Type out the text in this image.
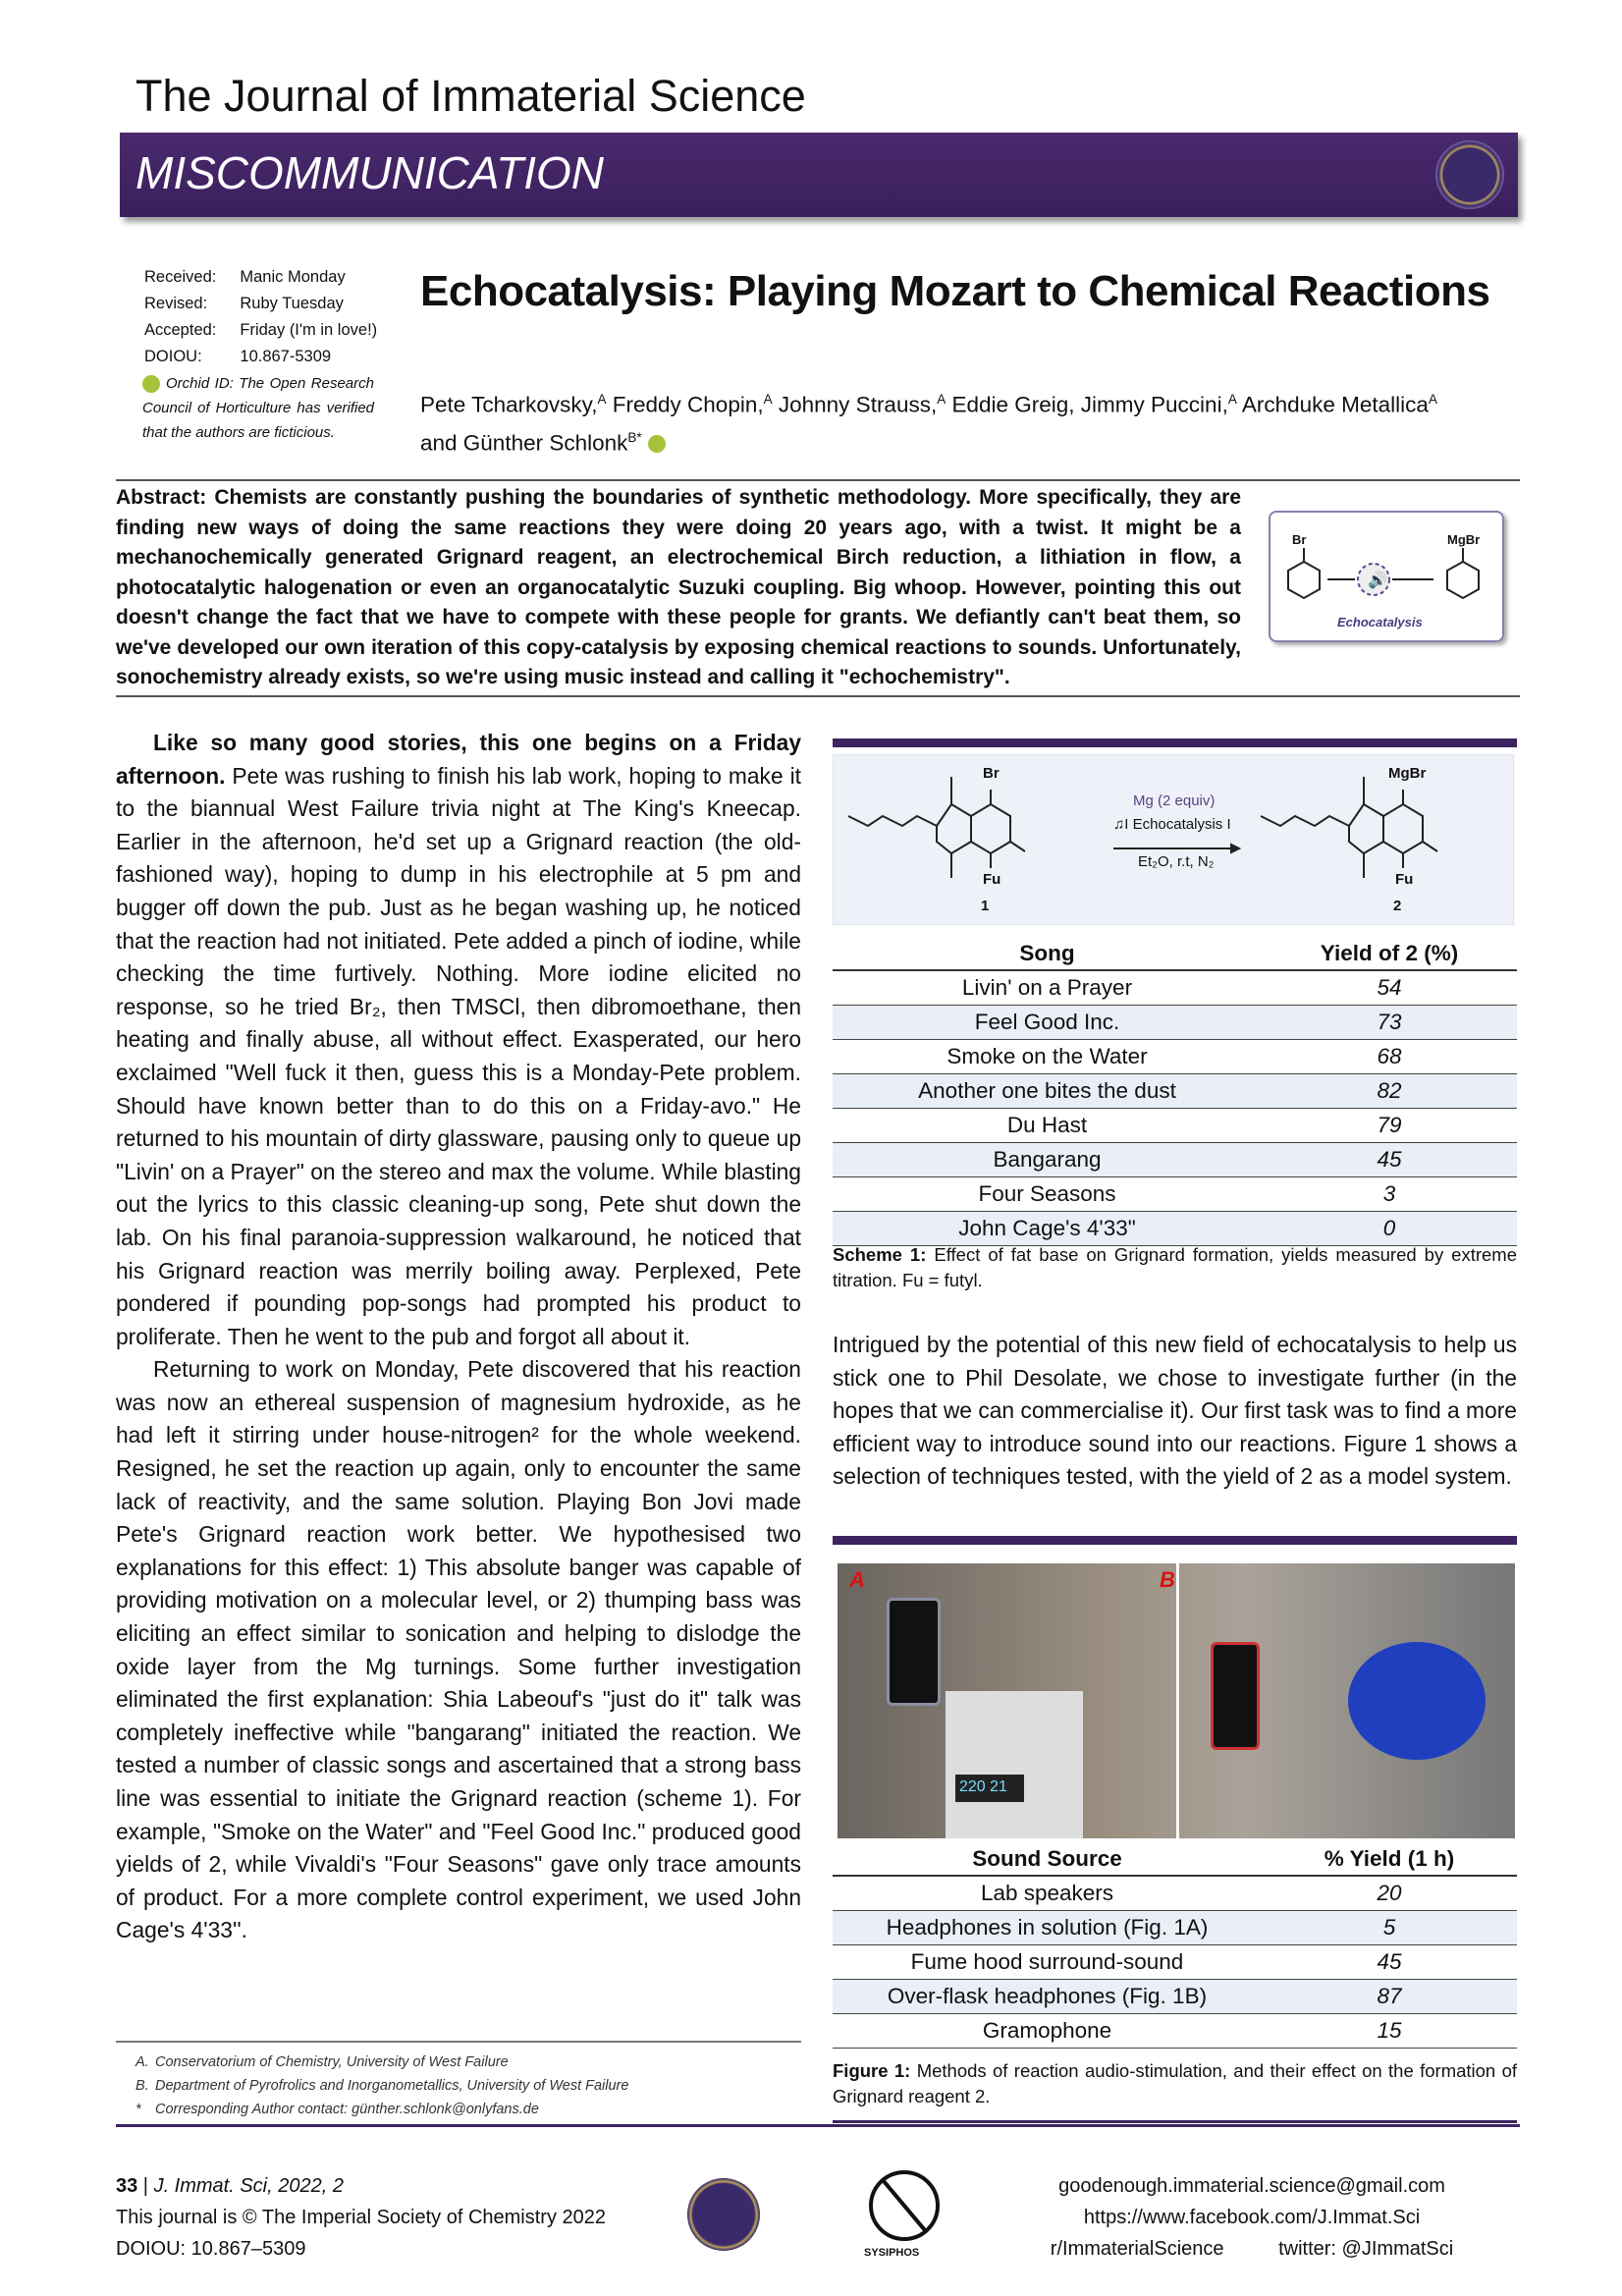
The Journal of Immaterial Science
MISCOMMUNICATION
Received:	Manic Monday
Revised:	Ruby Tuesday
Accepted:	Friday (I'm in love!)
DOIOU:	10.867-5309
Orchid ID: The Open Research Council of Horticulture has verified that the authors are ficticious.
Echocatalysis: Playing Mozart to Chemical Reactions
Pete Tcharkovsky,$^A$ Freddy Chopin,$^A$ Johnny Strauss,$^A$ Eddie Greig, Jimmy Puccini,$^A$ Archduke Metallica$^A$
and Günther Schlonk$^{B*}$
Abstract: Chemists are constantly pushing the boundaries of synthetic methodology. More specifically, they are finding new ways of doing the same reactions they were doing 20 years ago, with a twist. It might be a mechanochemically generated Grignard reagent, an electrochemical Birch reduction, a lithiation in flow, a photocatalytic halogenation or even an organocatalytic Suzuki coupling. Big whoop. However, pointing this out doesn't change the fact that we have to compete with these people for grants. We defiantly can't beat them, so we've developed our own iteration of this copy-catalysis by exposing chemical reactions to sounds. Unfortunately, sonochemistry already exists, so we're using music instead and calling it "echochemistry".
🔊
Br	MgBr
Echocatalysis

Like so many good stories, this one begins on a Friday afternoon. Pete was rushing to finish his lab work, hoping to make it to the biannual West Failure trivia night at The King's Kneecap. Earlier in the afternoon, he'd set up a Grignard reaction (the old-fashioned way), hoping to dump in his electrophile at 5 pm and bugger off down the pub. Just as he began washing up, he noticed that the reaction had not initiated. Pete added a pinch of iodine, while checking the time furtively. Nothing. More iodine elicited no response, so he tried Br₂, then TMSCl, then dibromoethane, then heating and finally abuse, all without effect. Exasperated, our hero exclaimed "Well fuck it then, guess this is a Monday-Pete problem. Should have known better than to do this on a Friday-avo." He returned to his mountain of dirty glassware, pausing only to queue up "Livin' on a Prayer" on the stereo and max the volume. While blasting out the lyrics to this classic cleaning-up song, Pete shut down the lab. On his final paranoia-suppression walkaround, he noticed that his Grignard reaction was merrily boiling away. Perplexed, Pete pondered if pounding pop-songs had prompted his product to proliferate. Then he went to the pub and forgot all about it.

Returning to work on Monday, Pete discovered that his reaction was now an ethereal suspension of magnesium hydroxide, as he had left it stirring under house-nitrogen² for the whole weekend. Resigned, he set the reaction up again, only to encounter the same lack of reactivity, and the same solution. Playing Bon Jovi made Pete's Grignard reaction work better. We hypothesised two explanations for this effect: 1) This absolute banger was capable of providing motivation on a molecular level, or 2) thumping bass was eliciting an effect similar to sonication and helping to dislodge the oxide layer from the Mg turnings. Some further investigation eliminated the first explanation: Shia Labeouf's "just do it" talk was completely ineffective while "bangarang" initiated the reaction. We tested a number of classic songs and ascertained that a strong bass line was essential to initiate the Grignard reaction (scheme 1). For example, "Smoke on the Water" and "Feel Good Inc." produced good yields of 2, while Vivaldi's "Four Seasons" gave only trace amounts of product. For a more complete control experiment, we used John Cage's 4'33''.

A. Conservatorium of Chemistry, University of West Failure
B. Department of Pyrofrolics and Inorganometallics, University of West Failure
* Corresponding Author contact: günther.schlonk@onlyfans.de
Br	MgBr
Fu	Fu
1	2
Mg (2 equiv)
♫I Echocatalysis I
Et₂O, r.t, N₂
Song	Yield of 2 (%)
Livin' on a Prayer	54
Feel Good Inc.	73
Smoke on the Water	68
Another one bites the dust	82
Du Hast	79
Bangarang	45
Four Seasons	3
John Cage's 4'33"	0
Scheme 1: Effect of fat base on Grignard formation, yields measured by extreme titration. Fu = futyl.
Intrigued by the potential of this new field of echocatalysis to help us stick one to Phil Desolate, we chose to investigate further (in the hopes that we can commercialise it). Our first task was to find a more efficient way to introduce sound into our reactions. Figure 1 shows a selection of techniques tested, with the yield of 2 as a model system.
220 21
A	B
Sound Source	% Yield (1 h)
Lab speakers	20
Headphones in solution (Fig. 1A)	5
Fume hood surround-sound	45
Over-flask headphones (Fig. 1B)	87
Gramophone	15
Figure 1: Methods of reaction audio-stimulation, and their effect on the formation of Grignard reagent 2.
33 | J. Immat. Sci, 2022, 2
This journal is © The Imperial Society of Chemistry 2022
DOIOU: 10.867–5309	SYSIPHOS
goodenough.immaterial.science@gmail.com
https://www.facebook.com/J.Immat.Sci
r/ImmaterialScience	twitter: @JImmatSci
